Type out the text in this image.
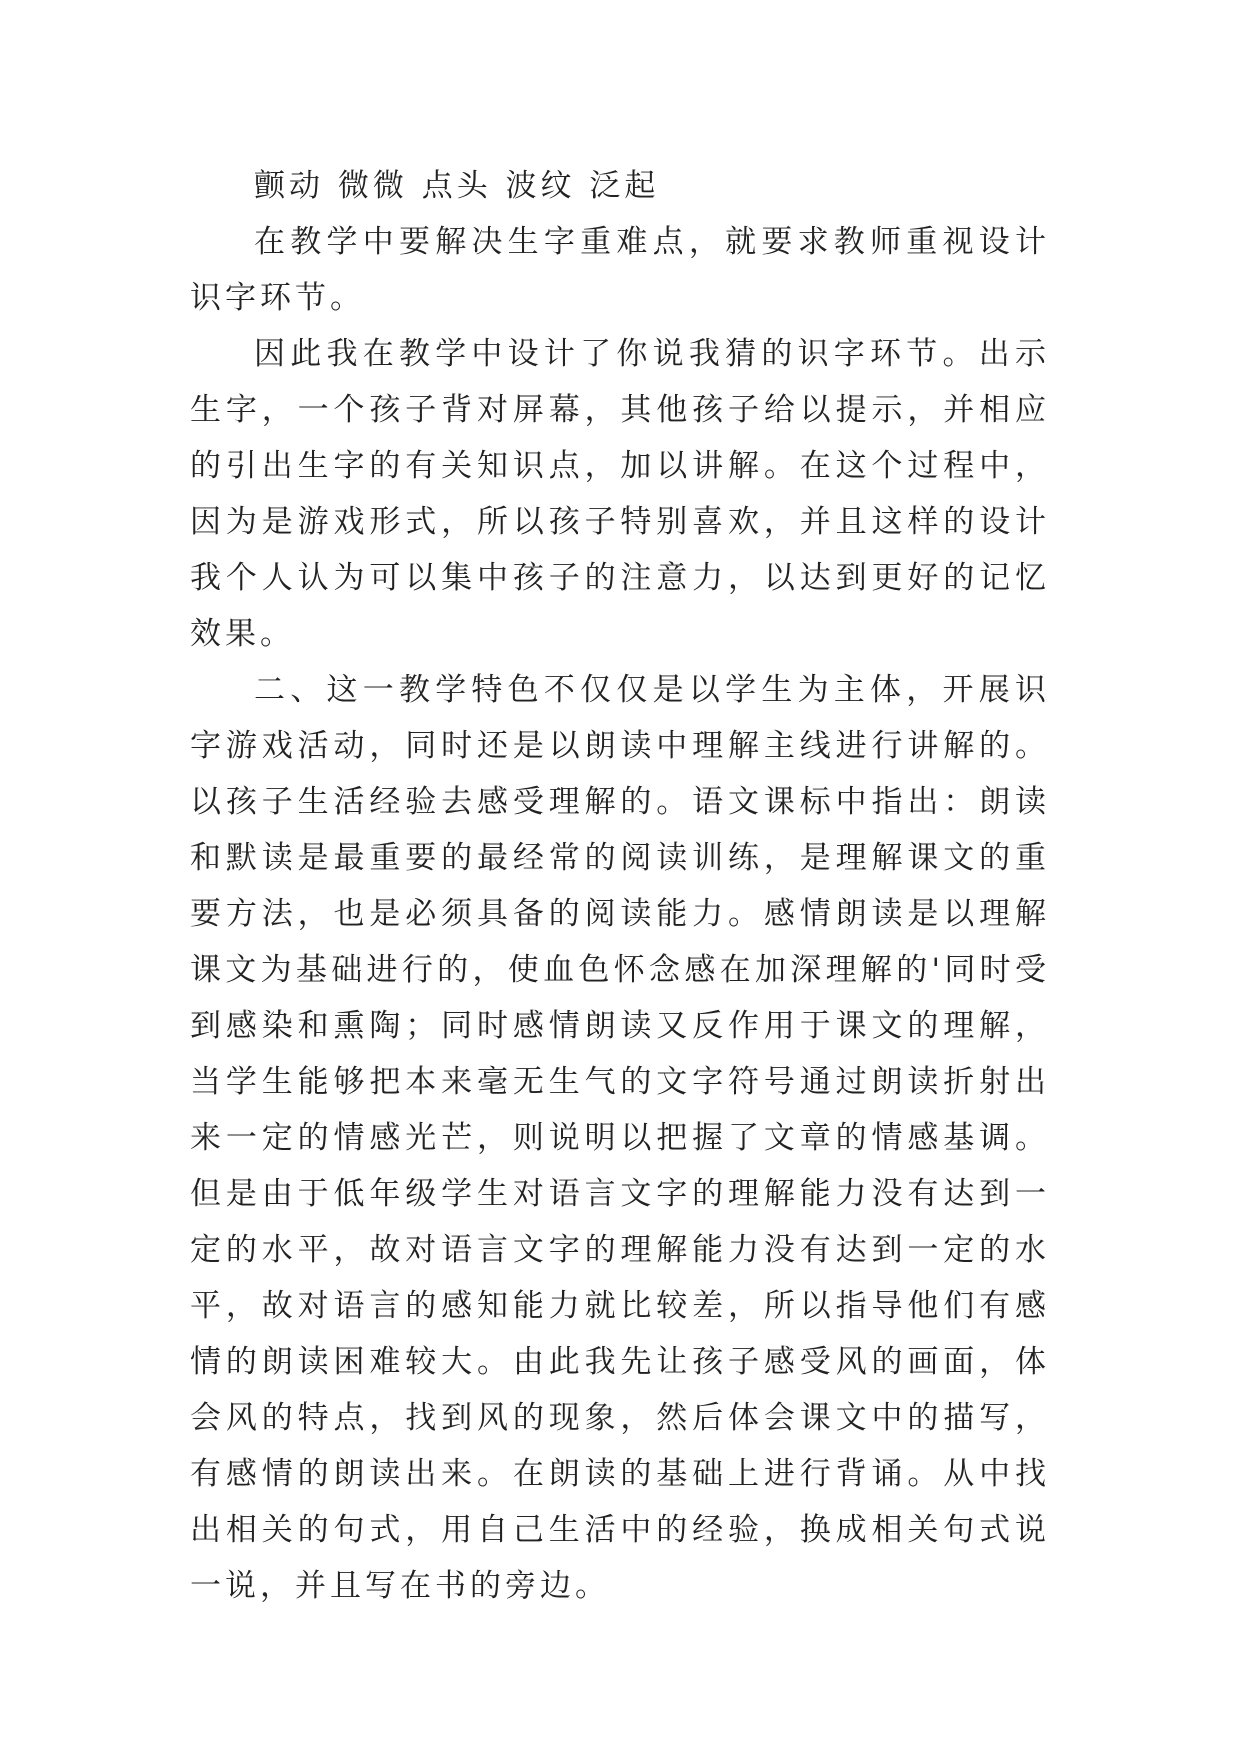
颤动 微微 点头 波纹 泛起

在教学中要解决生字重难点，就要求教师重视设计识字环节。

因此我在教学中设计了你说我猜的识字环节。出示生字，一个孩子背对屏幕，其他孩子给以提示，并相应的引出生字的有关知识点，加以讲解。在这个过程中，因为是游戏形式，所以孩子特别喜欢，并且这样的设计我个人认为可以集中孩子的注意力，以达到更好的记忆效果。

二、这一教学特色不仅仅是以学生为主体，开展识字游戏活动，同时还是以朗读中理解主线进行讲解的。以孩子生活经验去感受理解的。语文课标中指出：朗读和默读是最重要的最经常的阅读训练，是理解课文的重要方法，也是必须具备的阅读能力。感情朗读是以理解课文为基础进行的，使血色怀念感在加深理解的'同时受到感染和熏陶；同时感情朗读又反作用于课文的理解，当学生能够把本来毫无生气的文字符号通过朗读折射出来一定的情感光芒，则说明以把握了文章的情感基调。但是由于低年级学生对语言文字的理解能力没有达到一定的水平，故对语言文字的理解能力没有达到一定的水平，故对语言的感知能力就比较差，所以指导他们有感情的朗读困难较大。由此我先让孩子感受风的画面，体会风的特点，找到风的现象，然后体会课文中的描写，有感情的朗读出来。在朗读的基础上进行背诵。从中找出相关的句式，用自己生活中的经验，换成相关句式说一说，并且写在书的旁边。
